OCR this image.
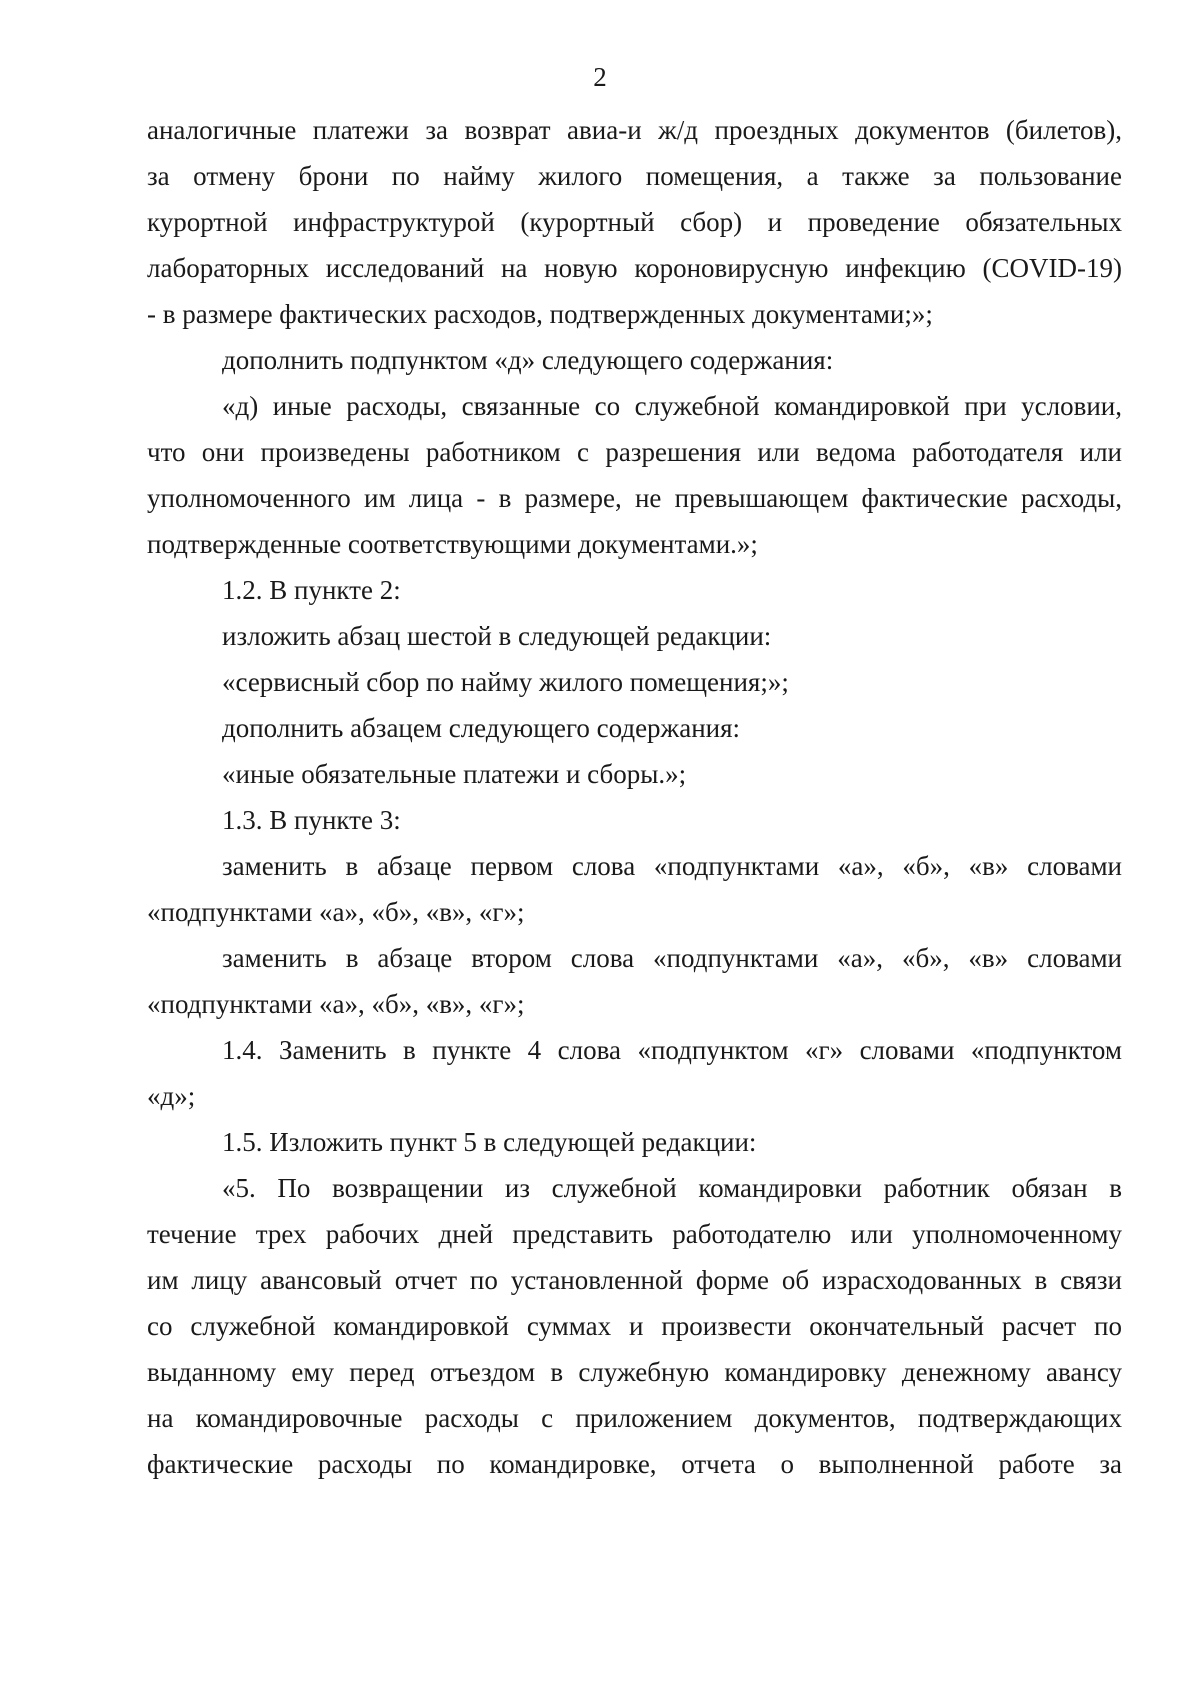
2
аналогичные платежи за возврат авиа-и ж/д проездных документов (билетов),
за отмену брони по найму жилого помещения, а также за пользование
курортной инфраструктурой (курортный сбор) и проведение обязательных
лабораторных исследований на новую короновирусную инфекцию (COVID-19)
- в размере фактических расходов, подтвержденных документами;»;
дополнить подпунктом «д» следующего содержания:
«д) иные расходы, связанные со служебной командировкой при условии,
что они произведены работником с разрешения или ведома работодателя или
уполномоченного им лица - в размере, не превышающем фактические расходы,
подтвержденные соответствующими документами.»;
1.2. В пункте 2:
изложить абзац шестой в следующей редакции:
«сервисный сбор по найму жилого помещения;»;
дополнить абзацем следующего содержания:
«иные обязательные платежи и сборы.»;
1.3. В пункте 3:
заменить в абзаце первом слова «подпунктами «а», «б», «в» словами
«подпунктами «а», «б», «в», «г»;
заменить в абзаце втором слова «подпунктами «а», «б», «в» словами
«подпунктами «а», «б», «в», «г»;
1.4. Заменить в пункте 4 слова «подпунктом «г» словами «подпунктом
«д»;
1.5. Изложить пункт 5 в следующей редакции:
«5. По возвращении из служебной командировки работник обязан в
течение трех рабочих дней представить работодателю или уполномоченному
им лицу авансовый отчет по установленной форме об израсходованных в связи
со служебной командировкой суммах и произвести окончательный расчет по
выданному ему перед отъездом в служебную командировку денежному авансу
на командировочные расходы с приложением документов, подтверждающих
фактические расходы по командировке, отчета о выполненной работе за
